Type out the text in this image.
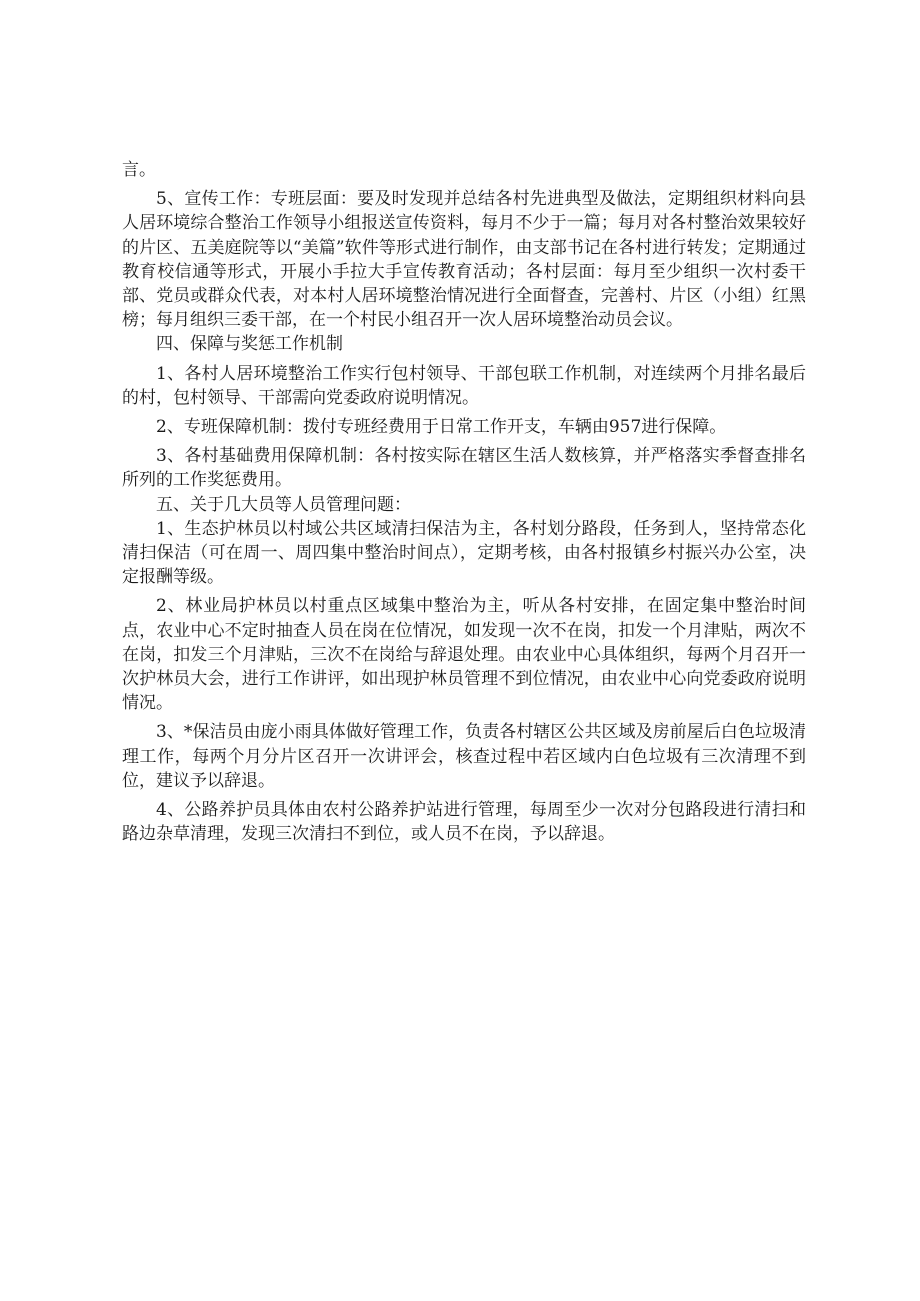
言。

5、宣传工作：专班层面：要及时发现并总结各村先进典型及做法，定期组织材料向县人居环境综合整治工作领导小组报送宣传资料，每月不少于一篇；每月对各村整治效果较好的片区、五美庭院等以“美篇”软件等形式进行制作，由支部书记在各村进行转发；定期通过教育校信通等形式，开展小手拉大手宣传教育活动；各村层面：每月至少组织一次村委干部、党员或群众代表，对本村人居环境整治情况进行全面督查，完善村、片区（小组）红黑榜；每月组织三委干部，在一个村民小组召开一次人居环境整治动员会议。

四、保障与奖惩工作机制

1、各村人居环境整治工作实行包村领导、干部包联工作机制，对连续两个月排名最后的村，包村领导、干部需向党委政府说明情况。

2、专班保障机制：拨付专班经费用于日常工作开支，车辆由957进行保障。

3、各村基础费用保障机制：各村按实际在辖区生活人数核算，并严格落实季督查排名所列的工作奖惩费用。

五、关于几大员等人员管理问题：

1、生态护林员以村域公共区域清扫保洁为主，各村划分路段，任务到人，坚持常态化清扫保洁（可在周一、周四集中整治时间点），定期考核，由各村报镇乡村振兴办公室，决定报酬等级。

2、林业局护林员以村重点区域集中整治为主，听从各村安排，在固定集中整治时间点，农业中心不定时抽查人员在岗在位情况，如发现一次不在岗，扣发一个月津贴，两次不在岗，扣发三个月津贴，三次不在岗给与辞退处理。由农业中心具体组织，每两个月召开一次护林员大会，进行工作讲评，如出现护林员管理不到位情况，由农业中心向党委政府说明情况。

3、*保洁员由庞小雨具体做好管理工作，负责各村辖区公共区域及房前屋后白色垃圾清理工作，每两个月分片区召开一次讲评会，核查过程中若区域内白色垃圾有三次清理不到位，建议予以辞退。

4、公路养护员具体由农村公路养护站进行管理，每周至少一次对分包路段进行清扫和路边杂草清理，发现三次清扫不到位，或人员不在岗，予以辞退。
